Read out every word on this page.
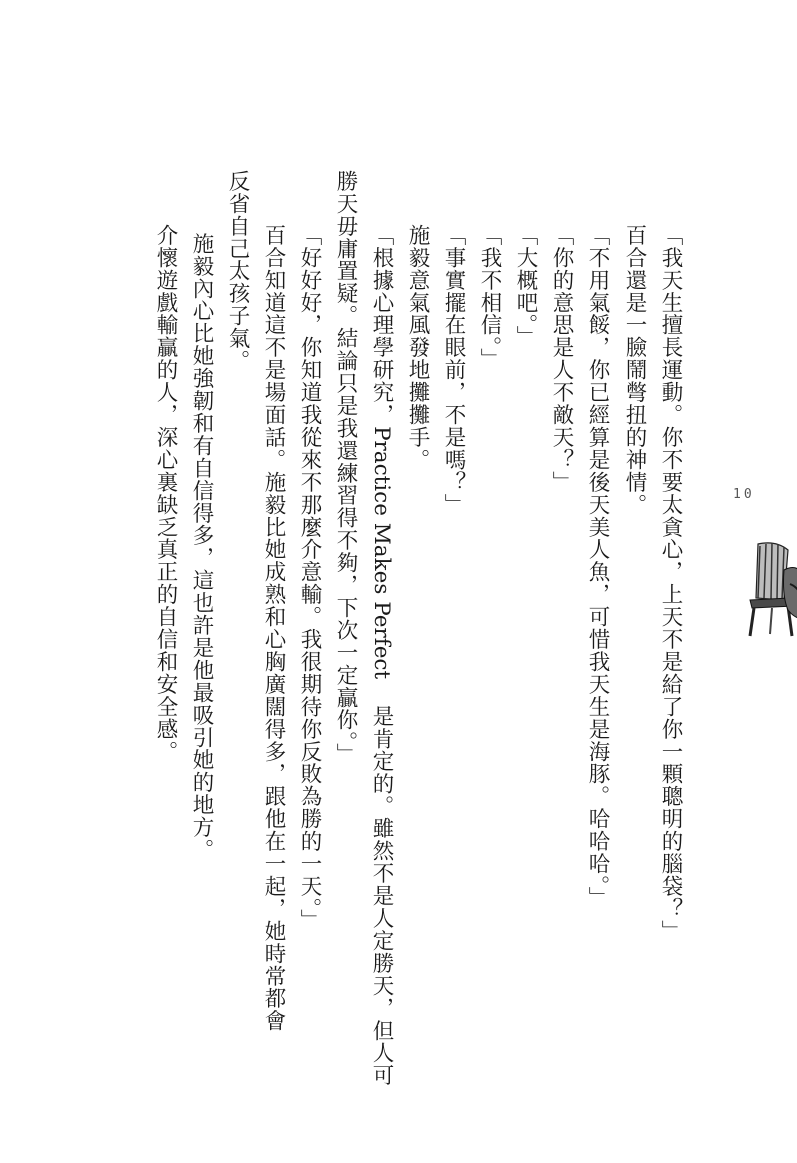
「我天生擅長運動。你不要太貪心，上天不是給了你一顆聰明的腦袋？」
百合還是一臉鬧彆扭的神情。
「不用氣餒，你已經算是後天美人魚，可惜我天生是海豚。哈哈哈。」
「你的意思是人不敵天？」
「大概吧。」
「我不相信。」
「事實擺在眼前，不是嗎？」
施毅意氣風發地攤攤手。
「根據心理學研究，Practice Makes Perfect 是肯定的。雖然不是人定勝天，但人可
勝天毋庸置疑。結論只是我還練習得不夠，下次一定贏你。」
「好好好，你知道我從來不那麼介意輸。我很期待你反敗為勝的一天。」
百合知道這不是場面話。施毅比她成熟和心胸廣闊得多，跟他在一起，她時常都會
反省自己太孩子氣。
　施毅內心比她強韌和有自信得多，這也許是他最吸引她的地方。
介懷遊戲輸贏的人，深心裏缺乏真正的自信和安全感。	10
